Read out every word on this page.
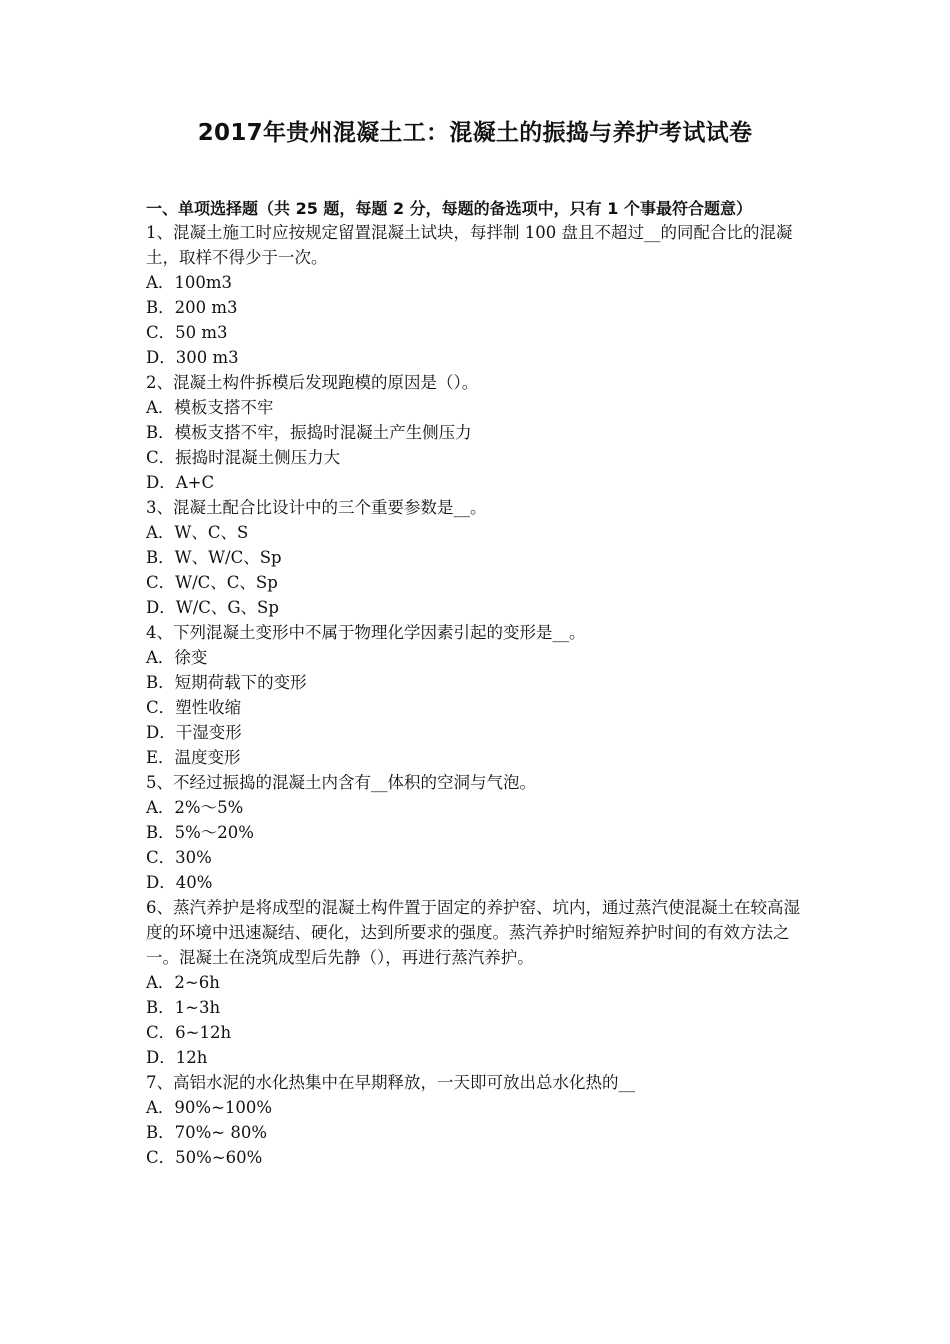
2017年贵州混凝土工：混凝土的振捣与养护考试试卷

一、单项选择题（共 25 题，每题 2 分，每题的备选项中，只有 1 个事最符合题意）

1、混凝土施工时应按规定留置混凝土试块，每拌制 100 盘且不超过__的同配合比的混凝土，取样不得少于一次。

A．100m3

B．200 m3

C．50 m3

D．300 m3

2、混凝土构件拆模后发现跑模的原因是（）。

A．模板支搭不牢

B．模板支搭不牢，振捣时混凝土产生侧压力

C．振捣时混凝土侧压力大

D．A+C

3、混凝土配合比设计中的三个重要参数是__。

A．W、C、S

B．W、W/C、Sp

C．W/C、C、Sp

D．W/C、G、Sp

4、下列混凝土变形中不属于物理化学因素引起的变形是__。

A．徐变

B．短期荷载下的变形

C．塑性收缩

D．干湿变形

E．温度变形

5、不经过振捣的混凝土内含有__体积的空洞与气泡。

A．2%～5%

B．5%～20%

C．30%

D．40%

6、蒸汽养护是将成型的混凝土构件置于固定的养护窑、坑内，通过蒸汽使混凝土在较高湿度的环境中迅速凝结、硬化，达到所要求的强度。蒸汽养护时缩短养护时间的有效方法之一。混凝土在浇筑成型后先静（），再进行蒸汽养护。

A．2~6h

B．1~3h

C．6~12h

D．12h

7、高铝水泥的水化热集中在早期释放，一天即可放出总水化热的__

A．90%~100%

B．70%~ 80%

C．50%~60%
